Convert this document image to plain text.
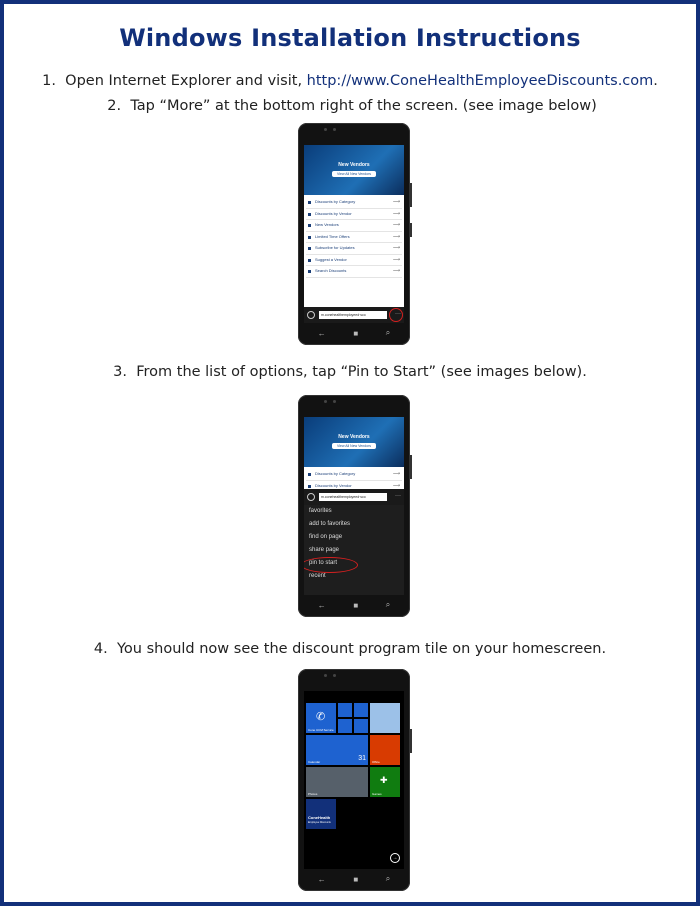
Windows Installation Instructions
1. Open Internet Explorer and visit, http://www.ConeHealthEmployeeDiscounts.com.
2. Tap “More” at the bottom right of the screen. (see image below)
New Vendors
View All New Vendors
Discounts by Category ⟶
Discounts by Vendor ⟶
New Vendors ⟶
Limited Time Offers ⟶
Subscribe for Updates ⟶
Suggest a Vendor ⟶
Search Discounts ⟶
m.conehealthemployeed·sco	···
←	■	⌕
3. From the list of options, tap “Pin to Start” (see images below).
New Vendors
View All New Vendors
Discounts by Category ⟶
Discounts by Vendor ⟶
m.conehealthemployeed·sco	···
favorites
add to favorites
find on page
share page
pin to start
recent
←	■	⌕
4. You should now see the discount program tile on your homescreen.
✆
Cone UCM Service
31
Calendar	Office
Photos
✚
Games
ConeHealth
Employee Discounts
→
←	■	⌕
